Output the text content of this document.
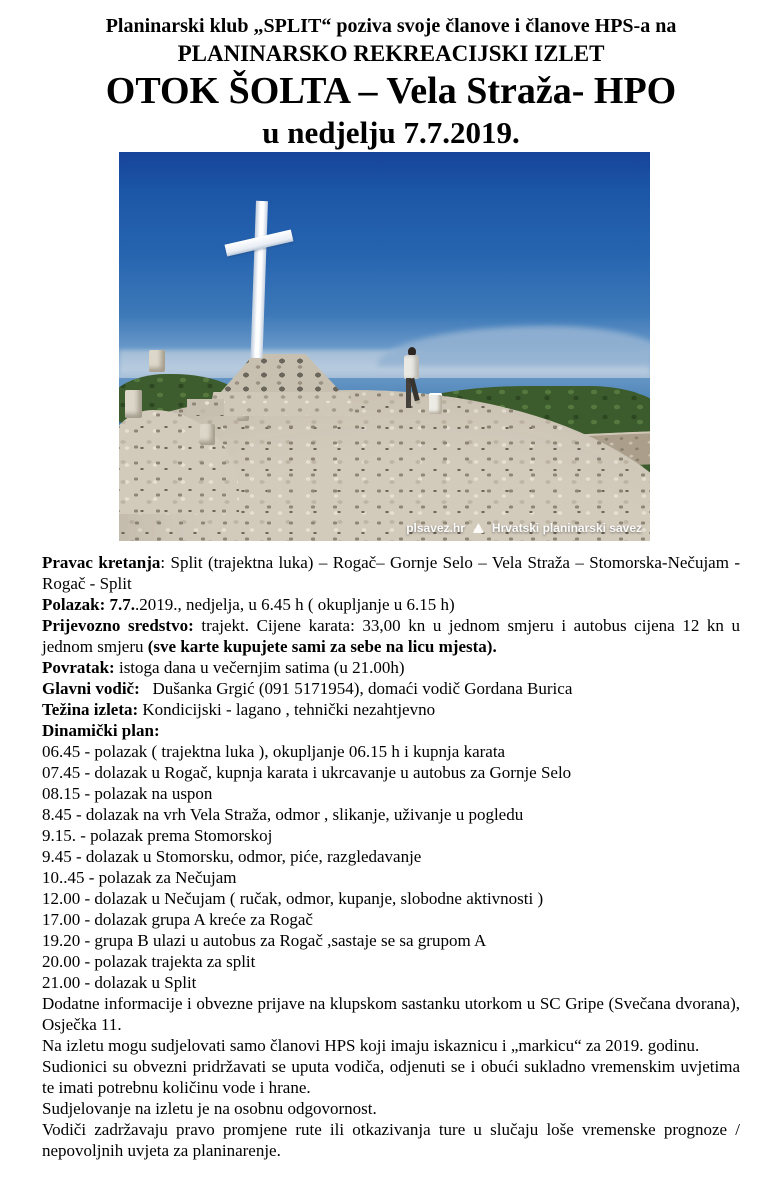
Planinarski klub „SPLIT“ poziva svoje članove i članove HPS-a na
PLANINARSKO REKREACIJSKI IZLET
OTOK ŠOLTA – Vela Straža- HPO
u nedjelju 7.7.2019.
plsavez.hr Hrvatski planinarski savez

Pravac kretanja: Split (trajektna luka) – Rogač– Gornje Selo – Vela Straža – Stomorska-Nečujam - Rogač - Split

Polazak: 7.7..2019., nedjelja, u 6.45 h ( okupljanje u 6.15 h)

Prijevozno sredstvo: trajekt. Cijene karata: 33,00 kn u jednom smjeru i autobus cijena 12 kn u jednom smjeru (sve karte kupujete sami za sebe na licu mjesta).

Povratak: istoga dana u večernjim satima (u 21.00h)

Glavni vodič:   Dušanka Grgić (091 5171954), domaći vodič Gordana Burica

Težina izleta: Kondicijski - lagano , tehnički nezahtjevno

Dinamički plan:

06.45 - polazak ( trajektna luka ), okupljanje 06.15 h i kupnja karata

07.45 - dolazak u Rogač, kupnja karata i ukrcavanje u autobus za Gornje Selo

08.15 - polazak na uspon

8.45 - dolazak na vrh Vela Straža, odmor , slikanje, uživanje u pogledu

9.15. - polazak prema Stomorskoj

9.45 - dolazak u Stomorsku, odmor, piće, razgledavanje

10..45 - polazak za Nečujam

12.00 - dolazak u Nečujam ( ručak, odmor, kupanje, slobodne aktivnosti )

17.00 - dolazak grupa A kreće za Rogač

19.20 - grupa B ulazi u autobus za Rogač ,sastaje se sa grupom A

20.00 - polazak trajekta za split

21.00 - dolazak u Split

Dodatne informacije i obvezne prijave na klupskom sastanku utorkom u SC Gripe (Svečana dvorana), Osječka 11.

Na izletu mogu sudjelovati samo članovi HPS koji imaju iskaznicu i „markicu“ za 2019. godinu.

Sudionici su obvezni pridržavati se uputa vodiča, odjenuti se i obući sukladno vremenskim uvjetima te imati potrebnu količinu vode i hrane.

Sudjelovanje na izletu je na osobnu odgovornost.

Vodiči zadržavaju pravo promjene rute ili otkazivanja ture u slučaju loše vremenske prognoze / nepovoljnih uvjeta za planinarenje.
